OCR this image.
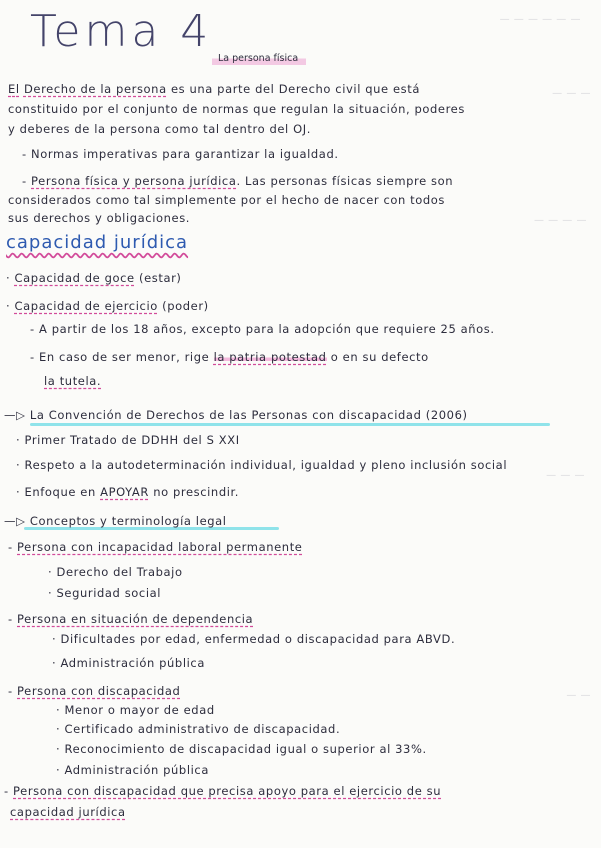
— — — — — —
— — —
— — — —
— — —
— —
Tema 4
La persona física
El Derecho de la persona es una parte del Derecho civil que está
constituido por el conjunto de normas que regulan la situación, poderes
y deberes de la persona como tal dentro del OJ.
- Normas imperativas para garantizar la igualdad.
- Persona física y persona jurídica. Las personas físicas siempre son
considerados como tal simplemente por el hecho de nacer con todos
sus derechos y obligaciones.
capacidad jurídica
· Capacidad de goce (estar)
· Capacidad de ejercicio (poder)
- A partir de los 18 años, excepto para la adopción que requiere 25 años.
- En caso de ser menor, rige la patria potestad o en su defecto
la tutela.
—▷ La Convención de Derechos de las Personas con discapacidad (2006)
· Primer Tratado de DDHH del S XXI
· Respeto a la autodeterminación individual, igualdad y pleno inclusión social
· Enfoque en APOYAR no prescindir.
—▷ Conceptos y terminología legal
- Persona con incapacidad laboral permanente
· Derecho del Trabajo
· Seguridad social
- Persona en situación de dependencia
· Dificultades por edad, enfermedad o discapacidad para ABVD.
· Administración pública
- Persona con discapacidad
· Menor o mayor de edad
· Certificado administrativo de discapacidad.
· Reconocimiento de discapacidad igual o superior al 33%.
· Administración pública
- Persona con discapacidad que precisa apoyo para el ejercicio de su
capacidad jurídica
